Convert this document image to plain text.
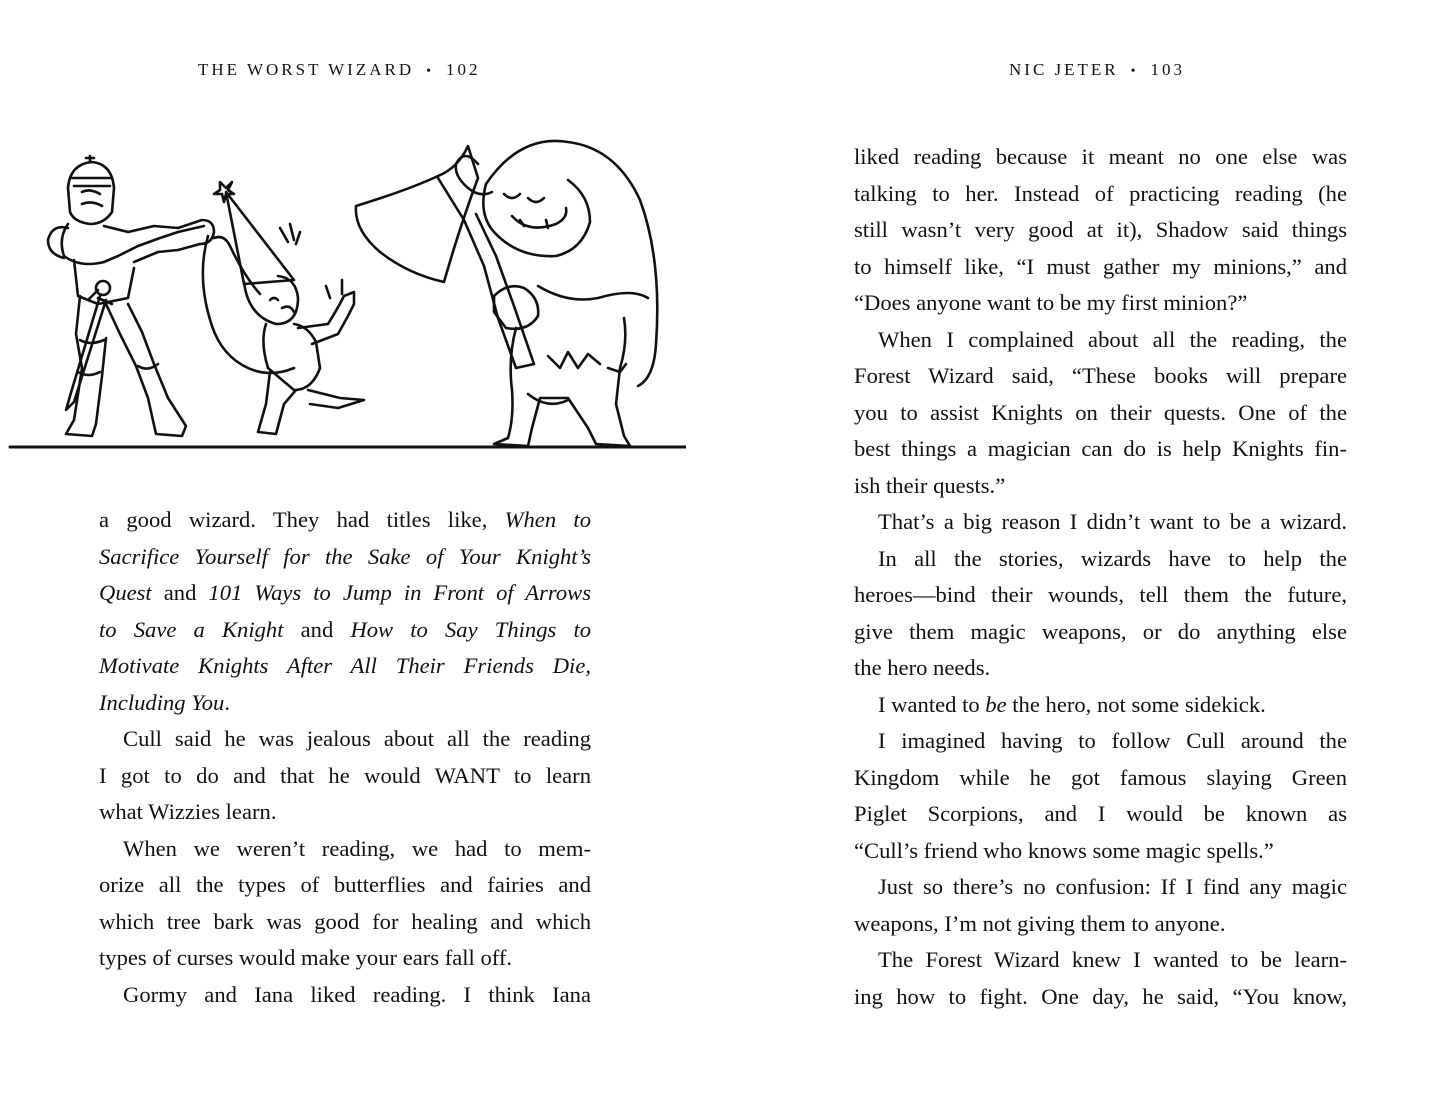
THE WORST WIZARD • 102
a good wizard. They had titles like, When to
Sacrifice Yourself for the Sake of Your Knight’s
Quest and 101 Ways to Jump in Front of Arrows
to Save a Knight and How to Say Things to
Motivate Knights After All Their Friends Die,
Including You.
Cull said he was jealous about all the reading
I got to do and that he would WANT to learn
what Wizzies learn.
When we weren’t reading, we had to mem-
orize all the types of butterflies and fairies and
which tree bark was good for healing and which
types of curses would make your ears fall off.
Gormy and Iana liked reading. I think Iana
NIC JETER • 103
liked reading because it meant no one else was
talking to her. Instead of practicing reading (he
still wasn’t very good at it), Shadow said things
to himself like, “I must gather my minions,” and
“Does anyone want to be my first minion?”
When I complained about all the reading, the
Forest Wizard said, “These books will prepare
you to assist Knights on their quests. One of the
best things a magician can do is help Knights fin-
ish their quests.”
That’s a big reason I didn’t want to be a wizard.
In all the stories, wizards have to help the
heroes—bind their wounds, tell them the future,
give them magic weapons, or do anything else
the hero needs.
I wanted to be the hero, not some sidekick.
I imagined having to follow Cull around the
Kingdom while he got famous slaying Green
Piglet Scorpions, and I would be known as
“Cull’s friend who knows some magic spells.”
Just so there’s no confusion: If I find any magic
weapons, I’m not giving them to anyone.
The Forest Wizard knew I wanted to be learn-
ing how to fight. One day, he said, “You know,
